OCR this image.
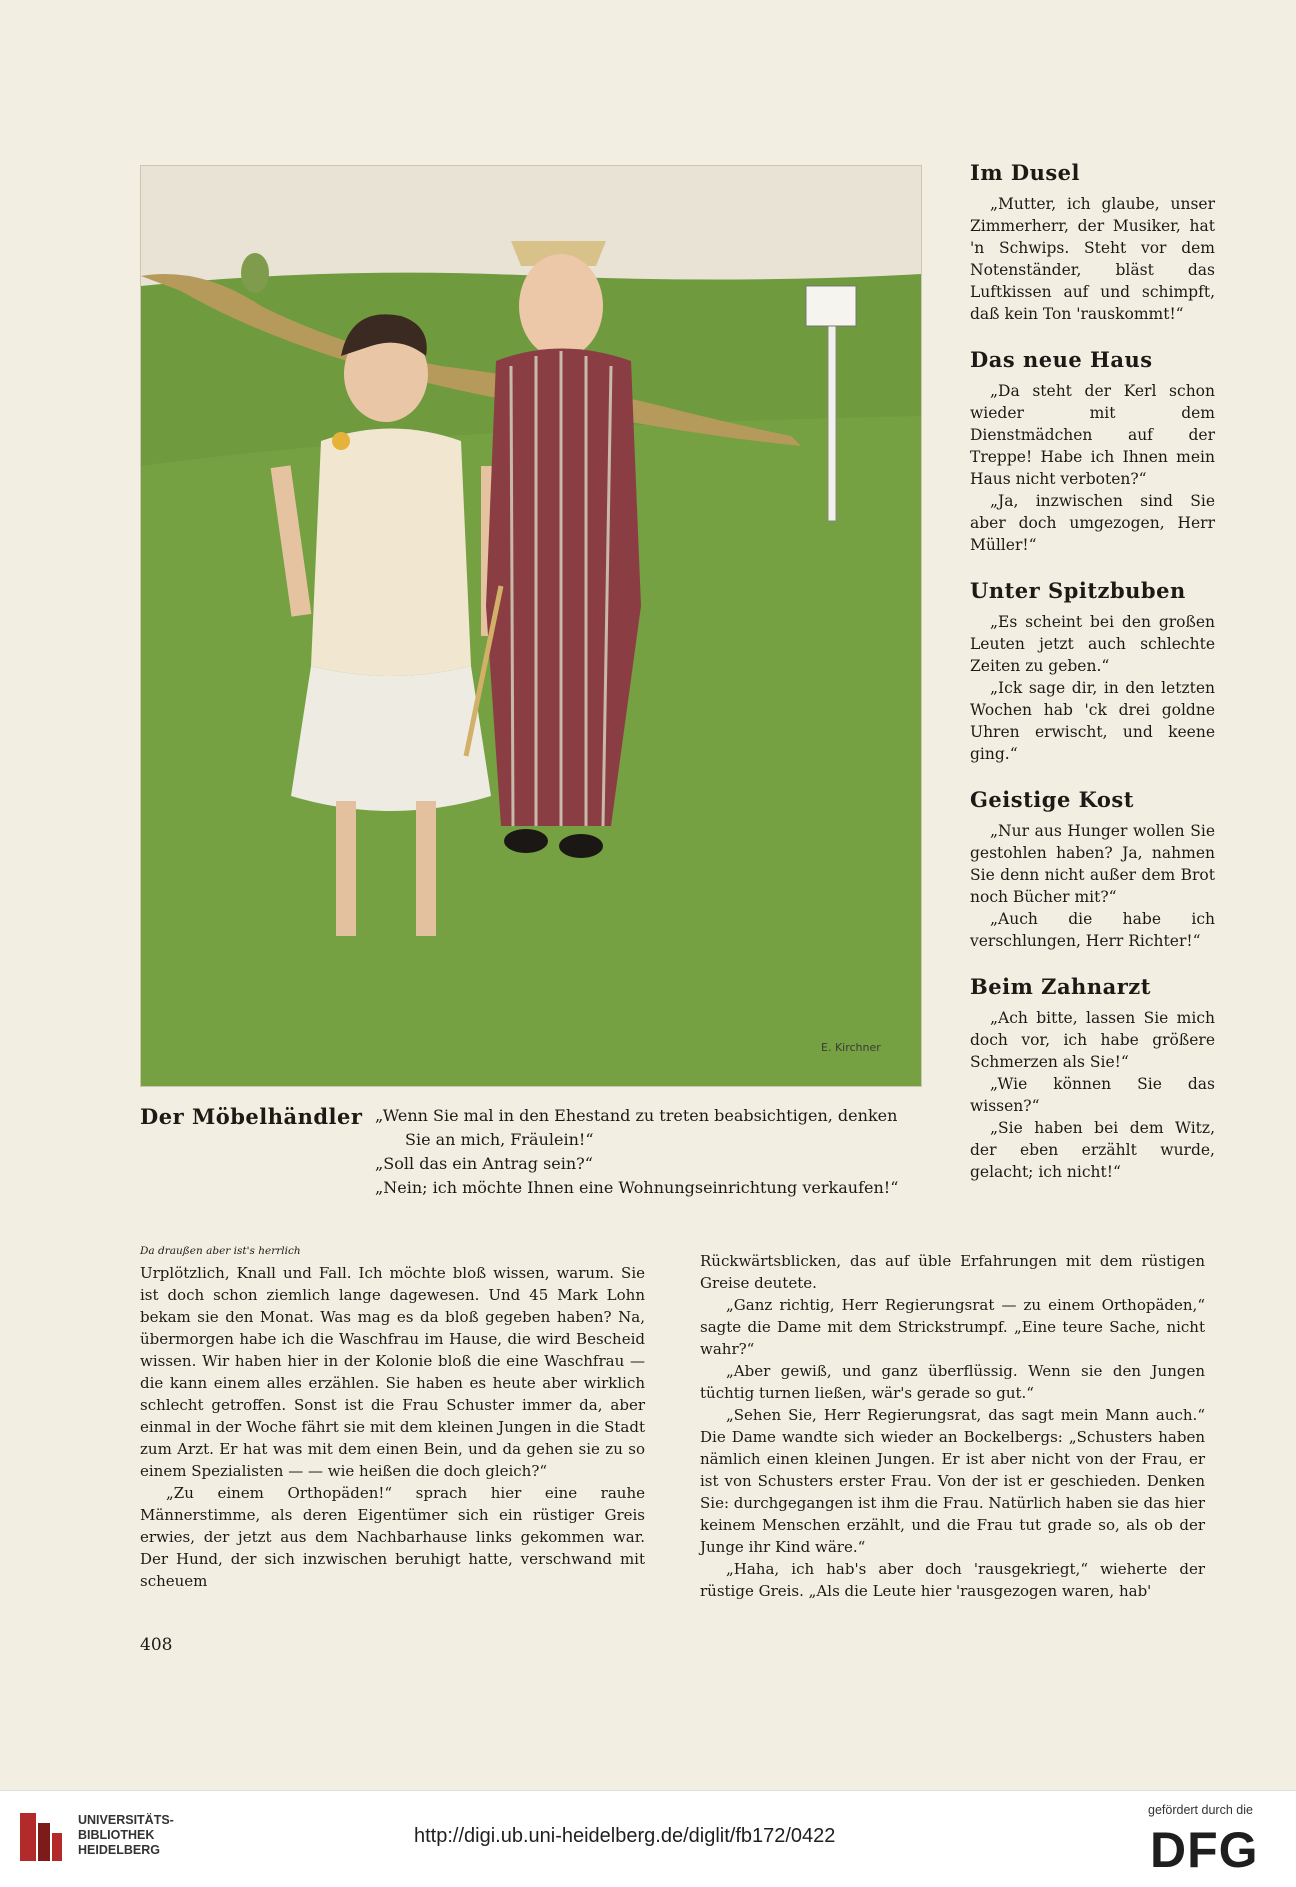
E. Kirchner
Im Dusel

„Mutter, ich glaube, unser Zimmerherr, der Musiker, hat 'n Schwips. Steht vor dem Notenständer, bläst das Luftkissen auf und schimpft, daß kein Ton 'rauskommt!“

Das neue Haus

„Da steht der Kerl schon wieder mit dem Dienstmädchen auf der Treppe! Habe ich Ihnen mein Haus nicht verboten?“

„Ja, inzwischen sind Sie aber doch umgezogen, Herr Müller!“

Unter Spitzbuben

„Es scheint bei den großen Leuten jetzt auch schlechte Zeiten zu geben.“

„Ick sage dir, in den letzten Wochen hab 'ck drei goldne Uhren erwischt, und keene ging.“

Geistige Kost

„Nur aus Hunger wollen Sie gestohlen haben? Ja, nahmen Sie denn nicht außer dem Brot noch Bücher mit?“

„Auch die habe ich verschlungen, Herr Richter!“

Beim Zahnarzt

„Ach bitte, lassen Sie mich doch vor, ich habe größere Schmerzen als Sie!“

„Wie können Sie das wissen?“

„Sie haben bei dem Witz, der eben erzählt wurde, gelacht; ich nicht!“

Der Möbelhändler „Wenn Sie mal in den Ehestand zu treten beabsichtigen, denken

Sie an mich, Fräulein!“

„Soll das ein Antrag sein?“

„Nein; ich möchte Ihnen eine Wohnungseinrichtung verkaufen!“

Da draußen aber ist's herrlich

Urplötzlich, Knall und Fall. Ich möchte bloß wissen, warum. Sie ist doch schon ziemlich lange dagewesen. Und 45 Mark Lohn bekam sie den Monat. Was mag es da bloß gegeben haben? Na, übermorgen habe ich die Waschfrau im Hause, die wird Bescheid wissen. Wir haben hier in der Kolonie bloß die eine Waschfrau — die kann einem alles erzählen. Sie haben es heute aber wirklich schlecht getroffen. Sonst ist die Frau Schuster immer da, aber einmal in der Woche fährt sie mit dem kleinen Jungen in die Stadt zum Arzt. Er hat was mit dem einen Bein, und da gehen sie zu so einem Spezialisten — — wie heißen die doch gleich?“

„Zu einem Orthopäden!“ sprach hier eine rauhe Männerstimme, als deren Eigentümer sich ein rüstiger Greis erwies, der jetzt aus dem Nachbarhause links gekommen war. Der Hund, der sich inzwischen beruhigt hatte, verschwand mit scheuem

Rückwärtsblicken, das auf üble Erfahrungen mit dem rüstigen Greise deutete.

„Ganz richtig, Herr Regierungsrat — zu einem Orthopäden,“ sagte die Dame mit dem Strickstrumpf. „Eine teure Sache, nicht wahr?“

„Aber gewiß, und ganz überflüssig. Wenn sie den Jungen tüchtig turnen ließen, wär's gerade so gut.“

„Sehen Sie, Herr Regierungsrat, das sagt mein Mann auch.“ Die Dame wandte sich wieder an Bockelbergs: „Schusters haben nämlich einen kleinen Jungen. Er ist aber nicht von der Frau, er ist von Schusters erster Frau. Von der ist er geschieden. Denken Sie: durchgegangen ist ihm die Frau. Natürlich haben sie das hier keinem Menschen erzählt, und die Frau tut grade so, als ob der Junge ihr Kind wäre.“

„Haha, ich hab's aber doch 'rausgekriegt,“ wieherte der rüstige Greis. „Als die Leute hier 'rausgezogen waren, hab'

408
UNIVERSITÄTS-
BIBLIOTHEK
HEIDELBERG
http://digi.ub.uni-heidelberg.de/diglit/fb172/0422
gefördert durch die
DFG
